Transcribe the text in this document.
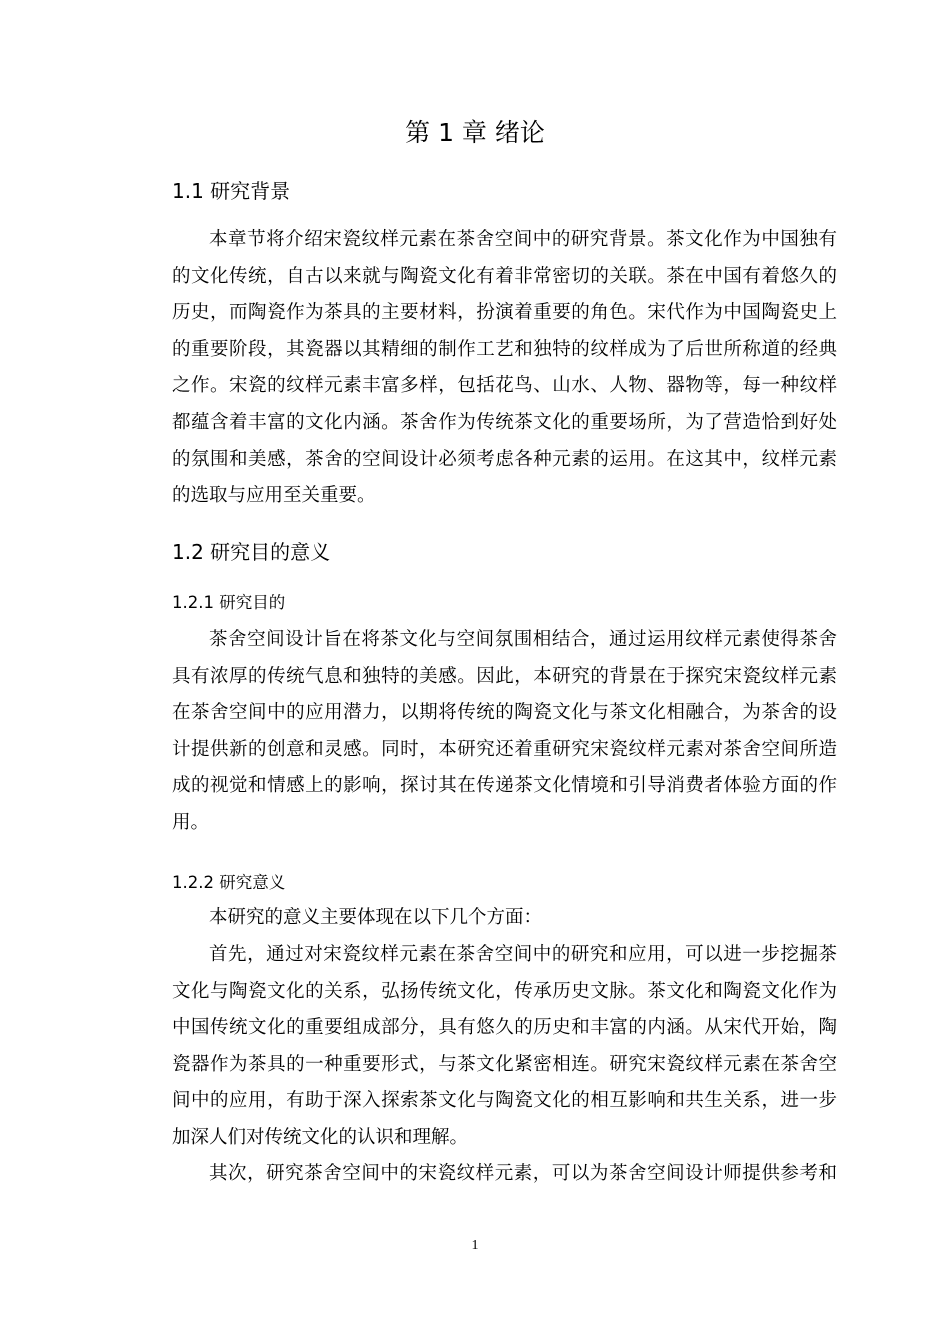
第 1 章 绪论
1.1 研究背景
本章节将介绍宋瓷纹样元素在茶舍空间中的研究背景。茶文化作为中国独有
的文化传统，自古以来就与陶瓷文化有着非常密切的关联。茶在中国有着悠久的
历史，而陶瓷作为茶具的主要材料，扮演着重要的角色。宋代作为中国陶瓷史上
的重要阶段，其瓷器以其精细的制作工艺和独特的纹样成为了后世所称道的经典
之作。宋瓷的纹样元素丰富多样，包括花鸟、山水、人物、器物等，每一种纹样
都蕴含着丰富的文化内涵。茶舍作为传统茶文化的重要场所，为了营造恰到好处
的氛围和美感，茶舍的空间设计必须考虑各种元素的运用。在这其中，纹样元素
的选取与应用至关重要。
1.2 研究目的意义
1.2.1 研究目的
茶舍空间设计旨在将茶文化与空间氛围相结合，通过运用纹样元素使得茶舍
具有浓厚的传统气息和独特的美感。因此，本研究的背景在于探究宋瓷纹样元素
在茶舍空间中的应用潜力，以期将传统的陶瓷文化与茶文化相融合，为茶舍的设
计提供新的创意和灵感。同时，本研究还着重研究宋瓷纹样元素对茶舍空间所造
成的视觉和情感上的影响，探讨其在传递茶文化情境和引导消费者体验方面的作
用。
1.2.2 研究意义
本研究的意义主要体现在以下几个方面：
首先，通过对宋瓷纹样元素在茶舍空间中的研究和应用，可以进一步挖掘茶
文化与陶瓷文化的关系，弘扬传统文化，传承历史文脉。茶文化和陶瓷文化作为
中国传统文化的重要组成部分，具有悠久的历史和丰富的内涵。从宋代开始，陶
瓷器作为茶具的一种重要形式，与茶文化紧密相连。研究宋瓷纹样元素在茶舍空
间中的应用，有助于深入探索茶文化与陶瓷文化的相互影响和共生关系，进一步
加深人们对传统文化的认识和理解。
其次，研究茶舍空间中的宋瓷纹样元素，可以为茶舍空间设计师提供参考和
1
